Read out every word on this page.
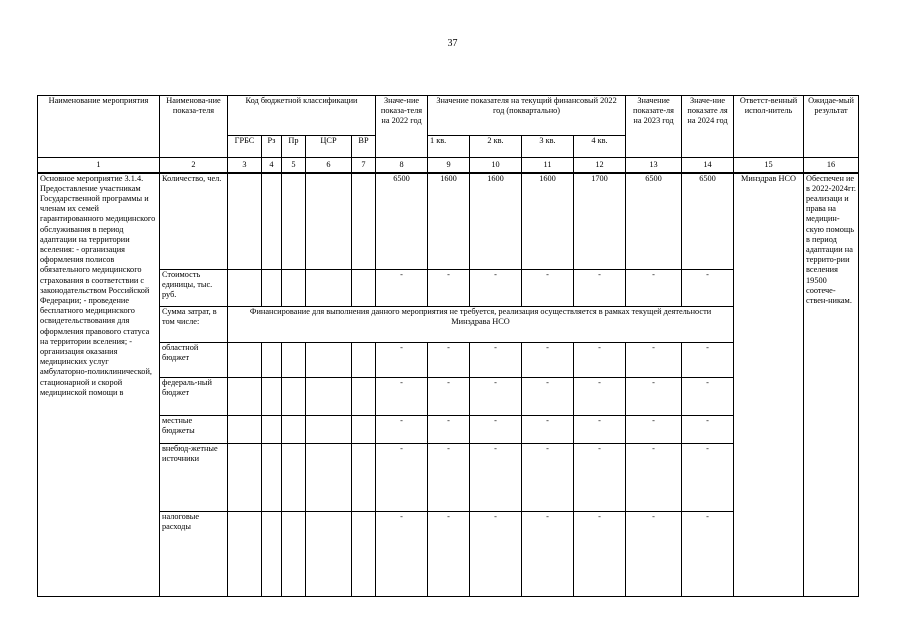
37
Наименование мероприятия	Наименова-ние показа-теля	Код бюджетной классификации					Значе-ние показа-теля на 2022 год	Значение показателя на текущий финансовый 2022 год (поквартально)				Значение показате-ля на 2023 год	Значе-ние показате ля на 2024 год	Ответст-венный испол-нитель	Ожидае-мый результат
		ГРБС	Рз	Пр	ЦСР	ВР		1 кв.	2 кв.	3 кв.	4 кв.				
1	2	3	4	5	6	7	8	9	10	11	12	13	14	15	16
Основное мероприятие 3.1.4. Предоставление участникам Государственной программы и членам их семей гарантированного медицинского обслуживания в период адаптации на территории вселения: - организация оформления полисов обязательного медицинского страхования в соответствии с законодательством Российской Федерации; - проведение бесплатного медицинского освидетельствования для оформления правового статуса на территории вселения; - организация оказания медицинских услуг амбулаторно-поликлинической, стационарной и скорой медицинской помощи в	Количество, чел.						6500	1600	1600	1600	1700	6500	6500	Минздрав НСО	Обеспечен ие в 2022-2024гг. реализаци и права на медицин-скую помощь в период адаптации на террито-рии вселения 19500 соотече-ствен-никам.
	Стоимость единицы, тыс. руб.						-	-	-	-	-	-	-		
	Сумма затрат, в том числе:	Финансирование для выполнения данного мероприятия не требуется, реализация осуществляется в рамках текущей деятельности Минздрава НСО													
	областной бюджет						-	-	-	-	-	-	-		
	федераль-ный бюджет						-	-	-	-	-	-	-		
	местные бюджеты						-	-	-	-	-	-	-		
	внебюд-жетные источники						-	-	-	-	-	-	-		
	налоговые расходы						-	-	-	-	-	-	-		
